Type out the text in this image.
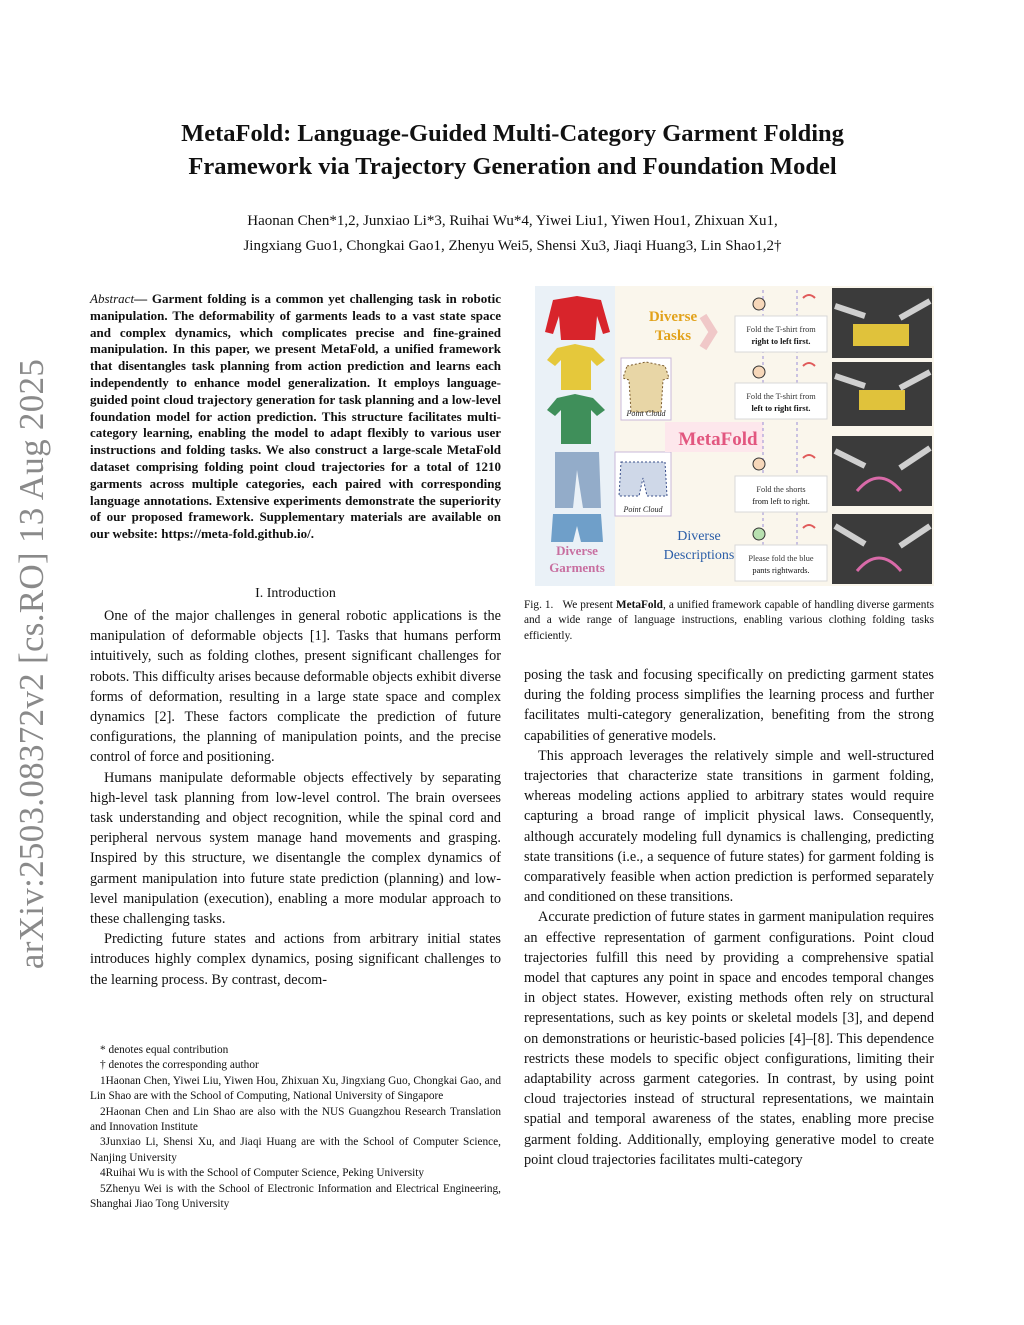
arXiv:2503.08372v2 [cs.RO] 13 Aug 2025
MetaFold: Language-Guided Multi-Category Garment Folding
Framework via Trajectory Generation and Foundation Model

Haonan Chen*1,2, Junxiao Li*3, Ruihai Wu*4, Yiwei Liu1, Yiwen Hou1, Zhixuan Xu1,

Jingxiang Guo1, Chongkai Gao1, Zhenyu Wei5, Shensi Xu3, Jiaqi Huang3, Lin Shao1,2†

Abstract— Garment folding is a common yet challenging task in robotic manipulation. The deformability of garments leads to a vast state space and complex dynamics, which complicates precise and fine-grained manipulation. In this paper, we present MetaFold, a unified framework that disentangles task planning from action prediction and learns each independently to enhance model generalization. It employs language-guided point cloud trajectory generation for task planning and a low-level foundation model for action prediction. This structure facilitates multi-category learning, enabling the model to adapt flexibly to various user instructions and folding tasks. We also construct a large-scale MetaFold dataset comprising folding point cloud trajectories for a total of 1210 garments across multiple categories, each paired with corresponding language annotations. Extensive experiments demonstrate the superiority of our proposed framework. Supplementary materials are available on our website: https://meta-fold.github.io/.
I. Introduction

One of the major challenges in general robotic applications is the manipulation of deformable objects [1]. Tasks that humans perform intuitively, such as folding clothes, present significant challenges for robots. This difficulty arises because deformable objects exhibit diverse forms of deformation, resulting in a large state space and complex dynamics [2]. These factors complicate the prediction of future configurations, the planning of manipulation points, and the precise control of force and positioning.

Humans manipulate deformable objects effectively by separating high-level task planning from low-level control. The brain oversees task understanding and object recognition, while the spinal cord and peripheral nervous system manage hand movements and grasping. Inspired by this structure, we disentangle the complex dynamics of garment manipulation into future state prediction (planning) and low-level manipulation (execution), enabling a more modular approach to these challenging tasks.

Predicting future states and actions from arbitrary initial states introduces highly complex dynamics, posing significant challenges to the learning process. By contrast, decom-

* denotes equal contribution

† denotes the corresponding author

1Haonan Chen, Yiwei Liu, Yiwen Hou, Zhixuan Xu, Jingxiang Guo, Chongkai Gao, and Lin Shao are with the School of Computing, National University of Singapore

2Haonan Chen and Lin Shao are also with the NUS Guangzhou Research Translation and Innovation Institute

3Junxiao Li, Shensi Xu, and Jiaqi Huang are with the School of Computer Science, Nanjing University

4Ruihai Wu is with the School of Computer Science, Peking University

5Zhenyu Wei is with the School of Electronic Information and Electrical Engineering, Shanghai Jiao Tong University

Diverse
Garments
Diverse
Tasks
Point Cloud
Point Cloud
Diverse
Descriptions
MetaFold
Fold the T-shirt from
right to left first.
Fold the T-shirt from
left to right first.
Fold the shorts
from left to right.
Please fold the blue
pants rightwards.
Fig. 1. We present MetaFold, a unified framework capable of handling diverse garments and a wide range of language instructions, enabling various clothing folding tasks efficiently.

posing the task and focusing specifically on predicting garment states during the folding process simplifies the learning process and further facilitates multi-category generalization, benefiting from the strong capabilities of generative models.

This approach leverages the relatively simple and well-structured trajectories that characterize state transitions in garment folding, whereas modeling actions applied to arbitrary states would require capturing a broad range of implicit physical laws. Consequently, although accurately modeling full dynamics is challenging, predicting state transitions (i.e., a sequence of future states) for garment folding is comparatively feasible when action prediction is performed separately and conditioned on these transitions.

Accurate prediction of future states in garment manipulation requires an effective representation of garment configurations. Point cloud trajectories fulfill this need by providing a comprehensive spatial model that captures any point in space and encodes temporal changes in object states. However, existing methods often rely on structural representations, such as key points or skeletal models [3], and depend on demonstrations or heuristic-based policies [4]–[8]. This dependence restricts these models to specific object configurations, limiting their adaptability across garment categories. In contrast, by using point cloud trajectories instead of structural representations, we maintain spatial and temporal awareness of the states, enabling more precise garment folding. Additionally, employing generative model to create point cloud trajectories facilitates multi-category
